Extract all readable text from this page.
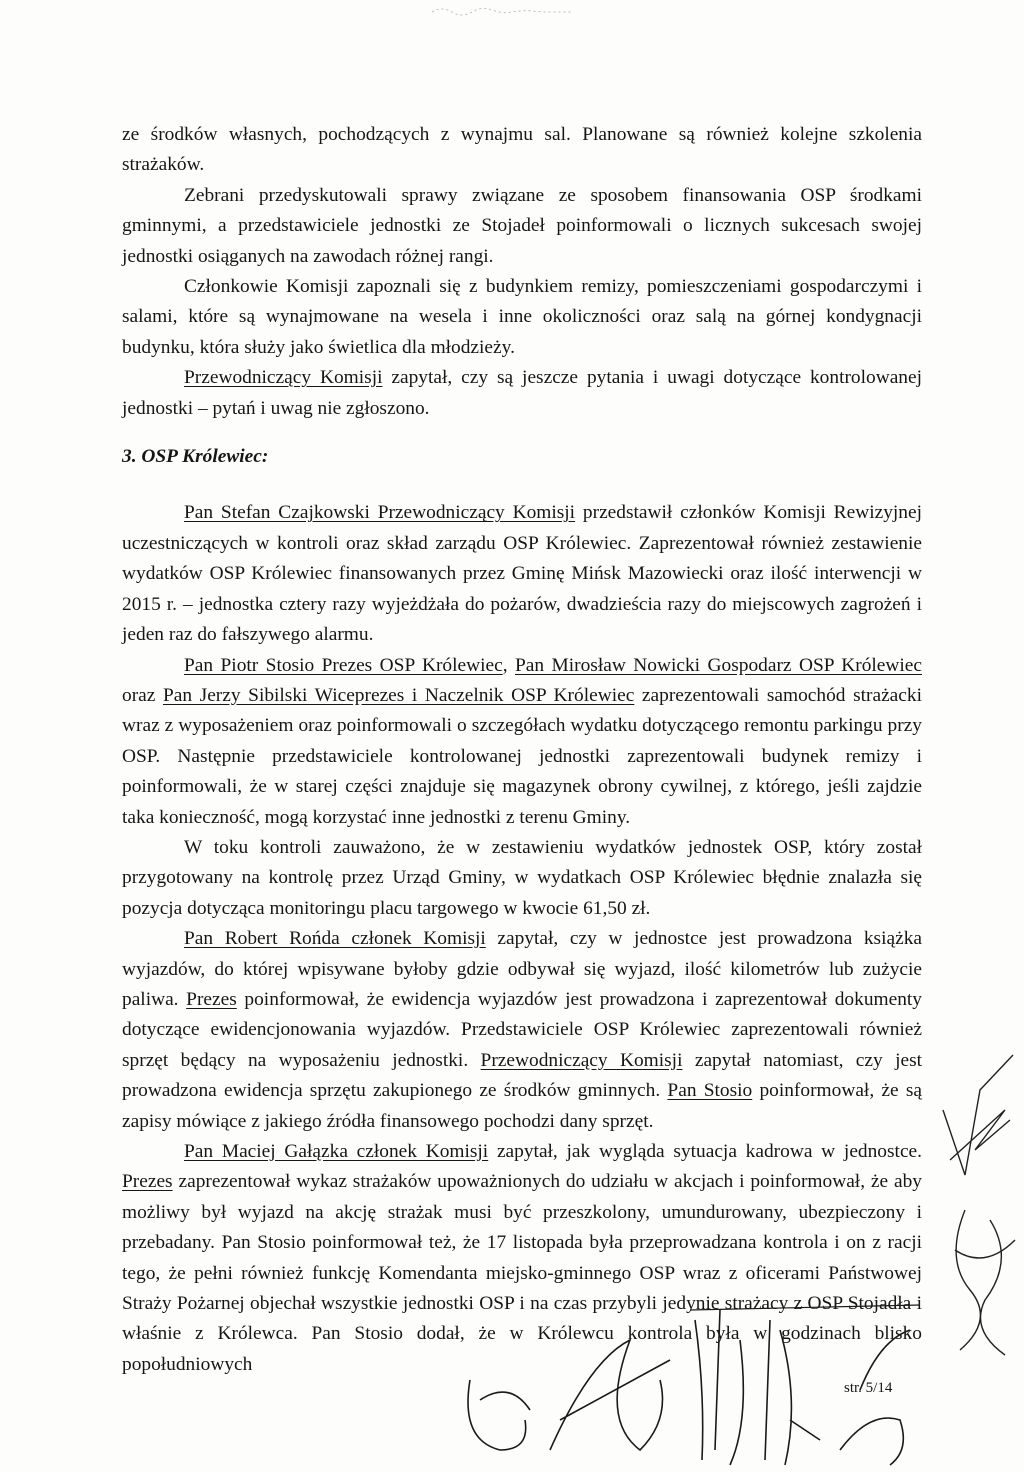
ze środków własnych, pochodzących z wynajmu sal. Planowane są również kolejne szkolenia strażaków.

Zebrani przedyskutowali sprawy związane ze sposobem finansowania OSP środkami gminnymi, a przedstawiciele jednostki ze Stojadeł poinformowali o licznych sukcesach swojej jednostki osiąganych na zawodach różnej rangi.

Członkowie Komisji zapoznali się z budynkiem remizy, pomieszczeniami gospodarczymi i salami, które są wynajmowane na wesela i inne okoliczności oraz salą na górnej kondygnacji budynku, która służy jako świetlica dla młodzieży.

Przewodniczący Komisji zapytał, czy są jeszcze pytania i uwagi dotyczące kontrolowanej jednostki – pytań i uwag nie zgłoszono.

3. OSP Królewiec:

Pan Stefan Czajkowski Przewodniczący Komisji przedstawił członków Komisji Rewizyjnej uczestniczących w kontroli oraz skład zarządu OSP Królewiec. Zaprezentował również zestawienie wydatków OSP Królewiec finansowanych przez Gminę Mińsk Mazowiecki oraz ilość interwencji w 2015 r. – jednostka cztery razy wyjeżdżała do pożarów, dwadzieścia razy do miejscowych zagrożeń i jeden raz do fałszywego alarmu.

Pan Piotr Stosio Prezes OSP Królewiec, Pan Mirosław Nowicki Gospodarz OSP Królewiec oraz Pan Jerzy Sibilski Wiceprezes i Naczelnik OSP Królewiec zaprezentowali samochód strażacki wraz z wyposażeniem oraz poinformowali o szczegółach wydatku dotyczącego remontu parkingu przy OSP. Następnie przedstawiciele kontrolowanej jednostki zaprezentowali budynek remizy i poinformowali, że w starej części znajduje się magazynek obrony cywilnej, z którego, jeśli zajdzie taka konieczność, mogą korzystać inne jednostki z terenu Gminy.

W toku kontroli zauważono, że w zestawieniu wydatków jednostek OSP, który został przygotowany na kontrolę przez Urząd Gminy, w wydatkach OSP Królewiec błędnie znalazła się pozycja dotycząca monitoringu placu targowego w kwocie 61,50 zł.

Pan Robert Rońda członek Komisji zapytał, czy w jednostce jest prowadzona książka wyjazdów, do której wpisywane byłoby gdzie odbywał się wyjazd, ilość kilometrów lub zużycie paliwa. Prezes poinformował, że ewidencja wyjazdów jest prowadzona i zaprezentował dokumenty dotyczące ewidencjonowania wyjazdów. Przedstawiciele OSP Królewiec zaprezentowali również sprzęt będący na wyposażeniu jednostki. Przewodniczący Komisji zapytał natomiast, czy jest prowadzona ewidencja sprzętu zakupionego ze środków gminnych. Pan Stosio poinformował, że są zapisy mówiące z jakiego źródła finansowego pochodzi dany sprzęt.

Pan Maciej Gałązka członek Komisji zapytał, jak wygląda sytuacja kadrowa w jednostce. Prezes zaprezentował wykaz strażaków upoważnionych do udziału w akcjach i poinformował, że aby możliwy był wyjazd na akcję strażak musi być przeszkolony, umundurowany, ubezpieczony i przebadany. Pan Stosio poinformował też, że 17 listopada była przeprowadzana kontrola i on z racji tego, że pełni również funkcję Komendanta miejsko-gminnego OSP wraz z oficerami Państwowej Straży Pożarnej objechał wszystkie jednostki OSP i na czas przybyli jedynie strażacy z OSP Stojadła i właśnie z Królewca. Pan Stosio dodał, że w Królewcu kontrola była w godzinach blisko popołudniowych

str. 5/14
